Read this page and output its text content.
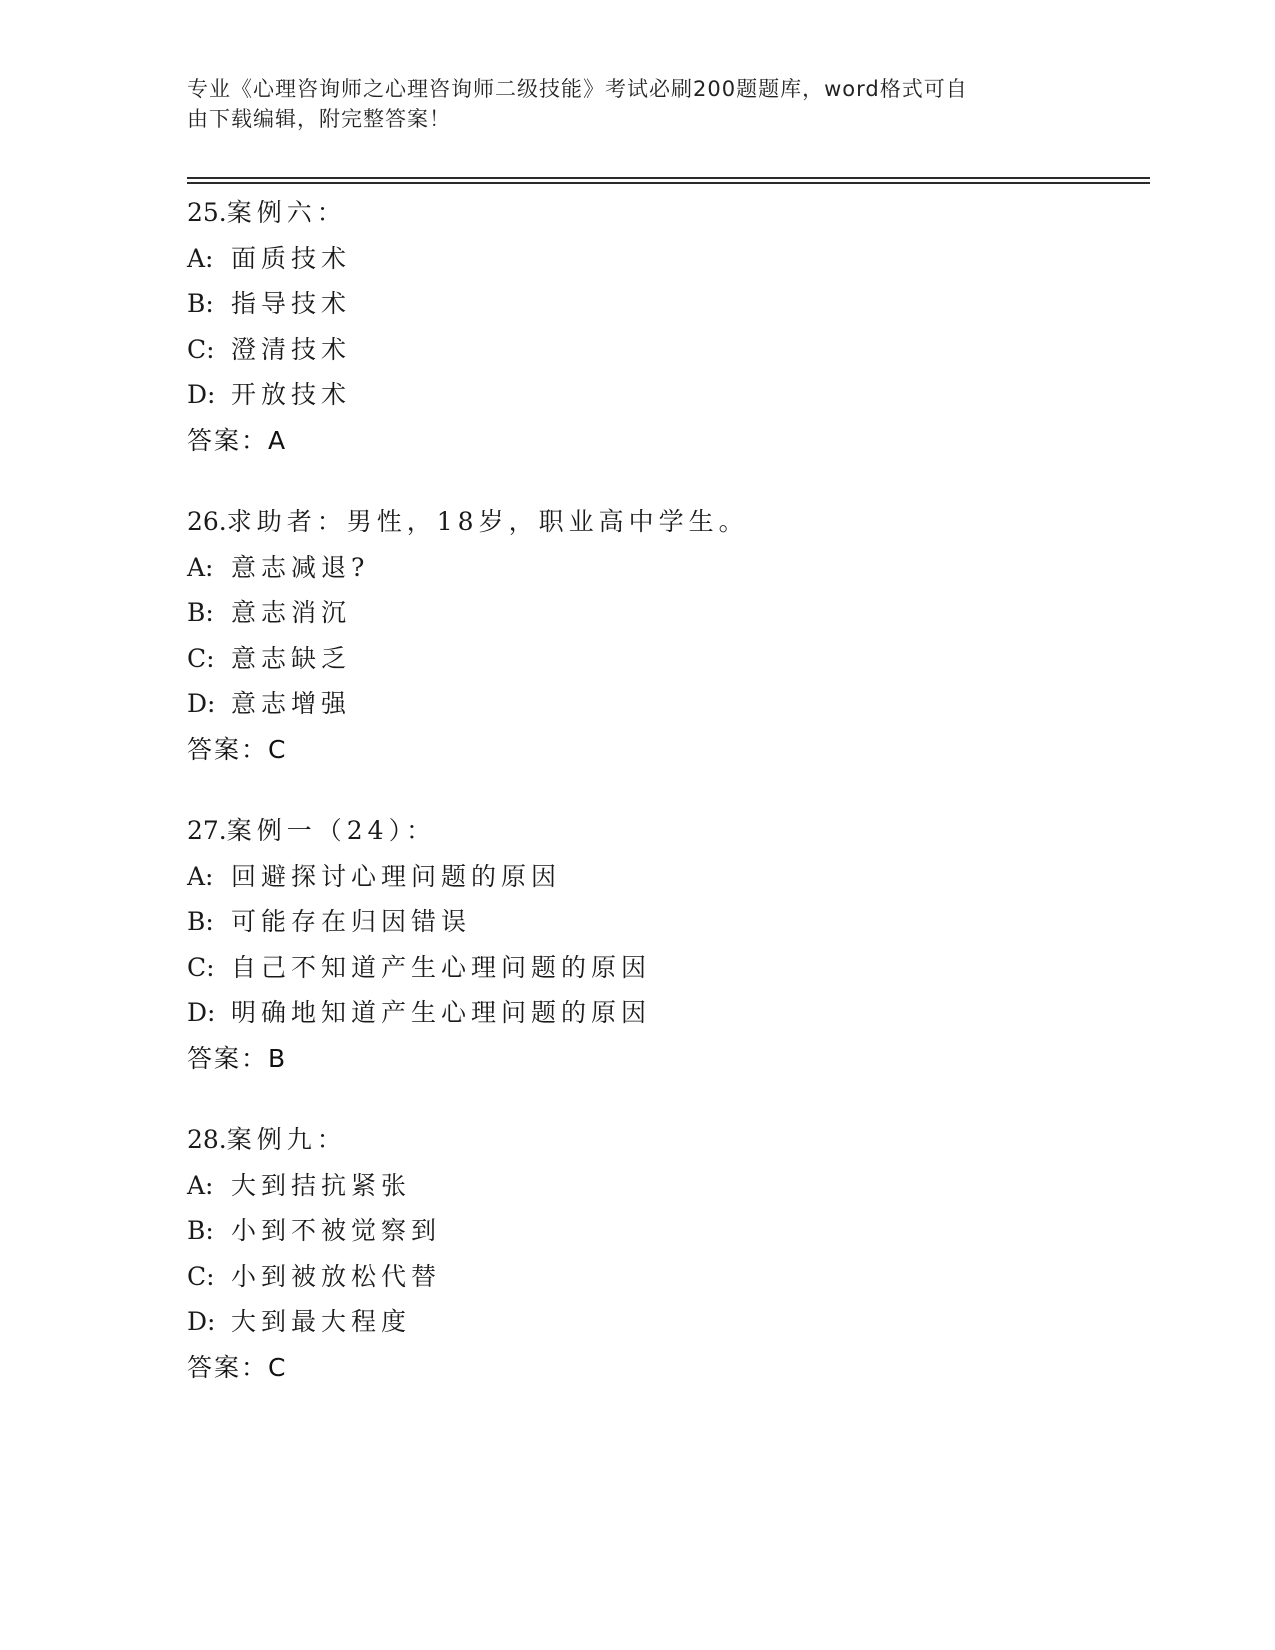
专业《心理咨询师之心理咨询师二级技能》考试必刷200题题库，word格式可自
由下载编辑，附完整答案！
25.案例六：
A: 面质技术
B: 指导技术
C: 澄清技术
D: 开放技术
答案：A
26.求助者：男性，18岁，职业高中学生。
A: 意志减退?
B: 意志消沉
C: 意志缺乏
D: 意志增强
答案：C
27.案例一（24）：
A: 回避探讨心理问题的原因
B: 可能存在归因错误
C: 自己不知道产生心理问题的原因
D: 明确地知道产生心理问题的原因
答案：B
28.案例九：
A: 大到拮抗紧张
B: 小到不被觉察到
C: 小到被放松代替
D: 大到最大程度
答案：C
